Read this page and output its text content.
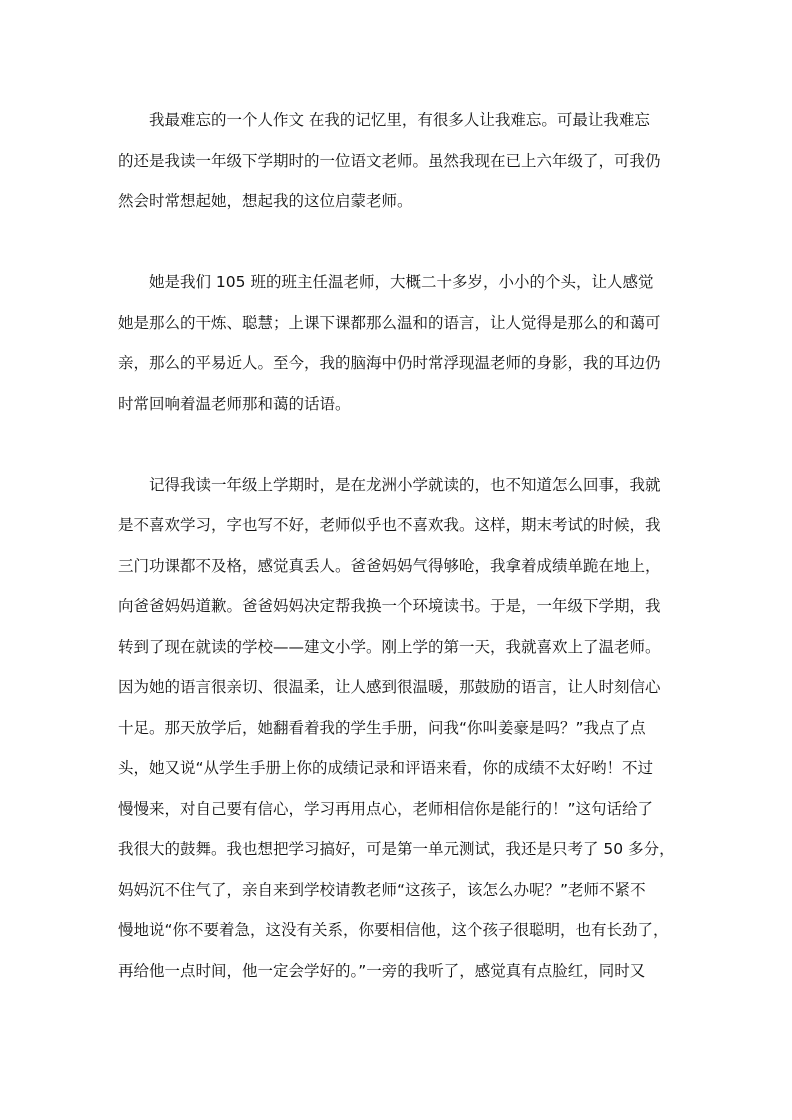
我最难忘的一个人作文 在我的记忆里，有很多人让我难忘。可最让我难忘
的还是我读一年级下学期时的一位语文老师。虽然我现在已上六年级了，可我仍
然会时常想起她，想起我的这位启蒙老师。
她是我们 105 班的班主任温老师，大概二十多岁，小小的个头，让人感觉
她是那么的干炼、聪慧；上课下课都那么温和的语言，让人觉得是那么的和蔼可
亲，那么的平易近人。至今，我的脑海中仍时常浮现温老师的身影，我的耳边仍
时常回响着温老师那和蔼的话语。
记得我读一年级上学期时，是在龙洲小学就读的，也不知道怎么回事，我就
是不喜欢学习，字也写不好，老师似乎也不喜欢我。这样，期末考试的时候，我
三门功课都不及格，感觉真丢人。爸爸妈妈气得够呛，我拿着成绩单跪在地上，
向爸爸妈妈道歉。爸爸妈妈决定帮我换一个环境读书。于是，一年级下学期，我
转到了现在就读的学校——建文小学。刚上学的第一天，我就喜欢上了温老师。
因为她的语言很亲切、很温柔，让人感到很温暖，那鼓励的语言，让人时刻信心
十足。那天放学后，她翻看着我的学生手册，问我“你叫姜豪是吗？”我点了点
头，她又说“从学生手册上你的成绩记录和评语来看，你的成绩不太好哟！不过
慢慢来，对自己要有信心，学习再用点心，老师相信你是能行的！”这句话给了
我很大的鼓舞。我也想把学习搞好，可是第一单元测试，我还是只考了 50 多分，
妈妈沉不住气了，亲自来到学校请教老师“这孩子，该怎么办呢？”老师不紧不
慢地说“你不要着急，这没有关系，你要相信他，这个孩子很聪明，也有长劲了，
再给他一点时间，他一定会学好的。”一旁的我听了，感觉真有点脸红，同时又
